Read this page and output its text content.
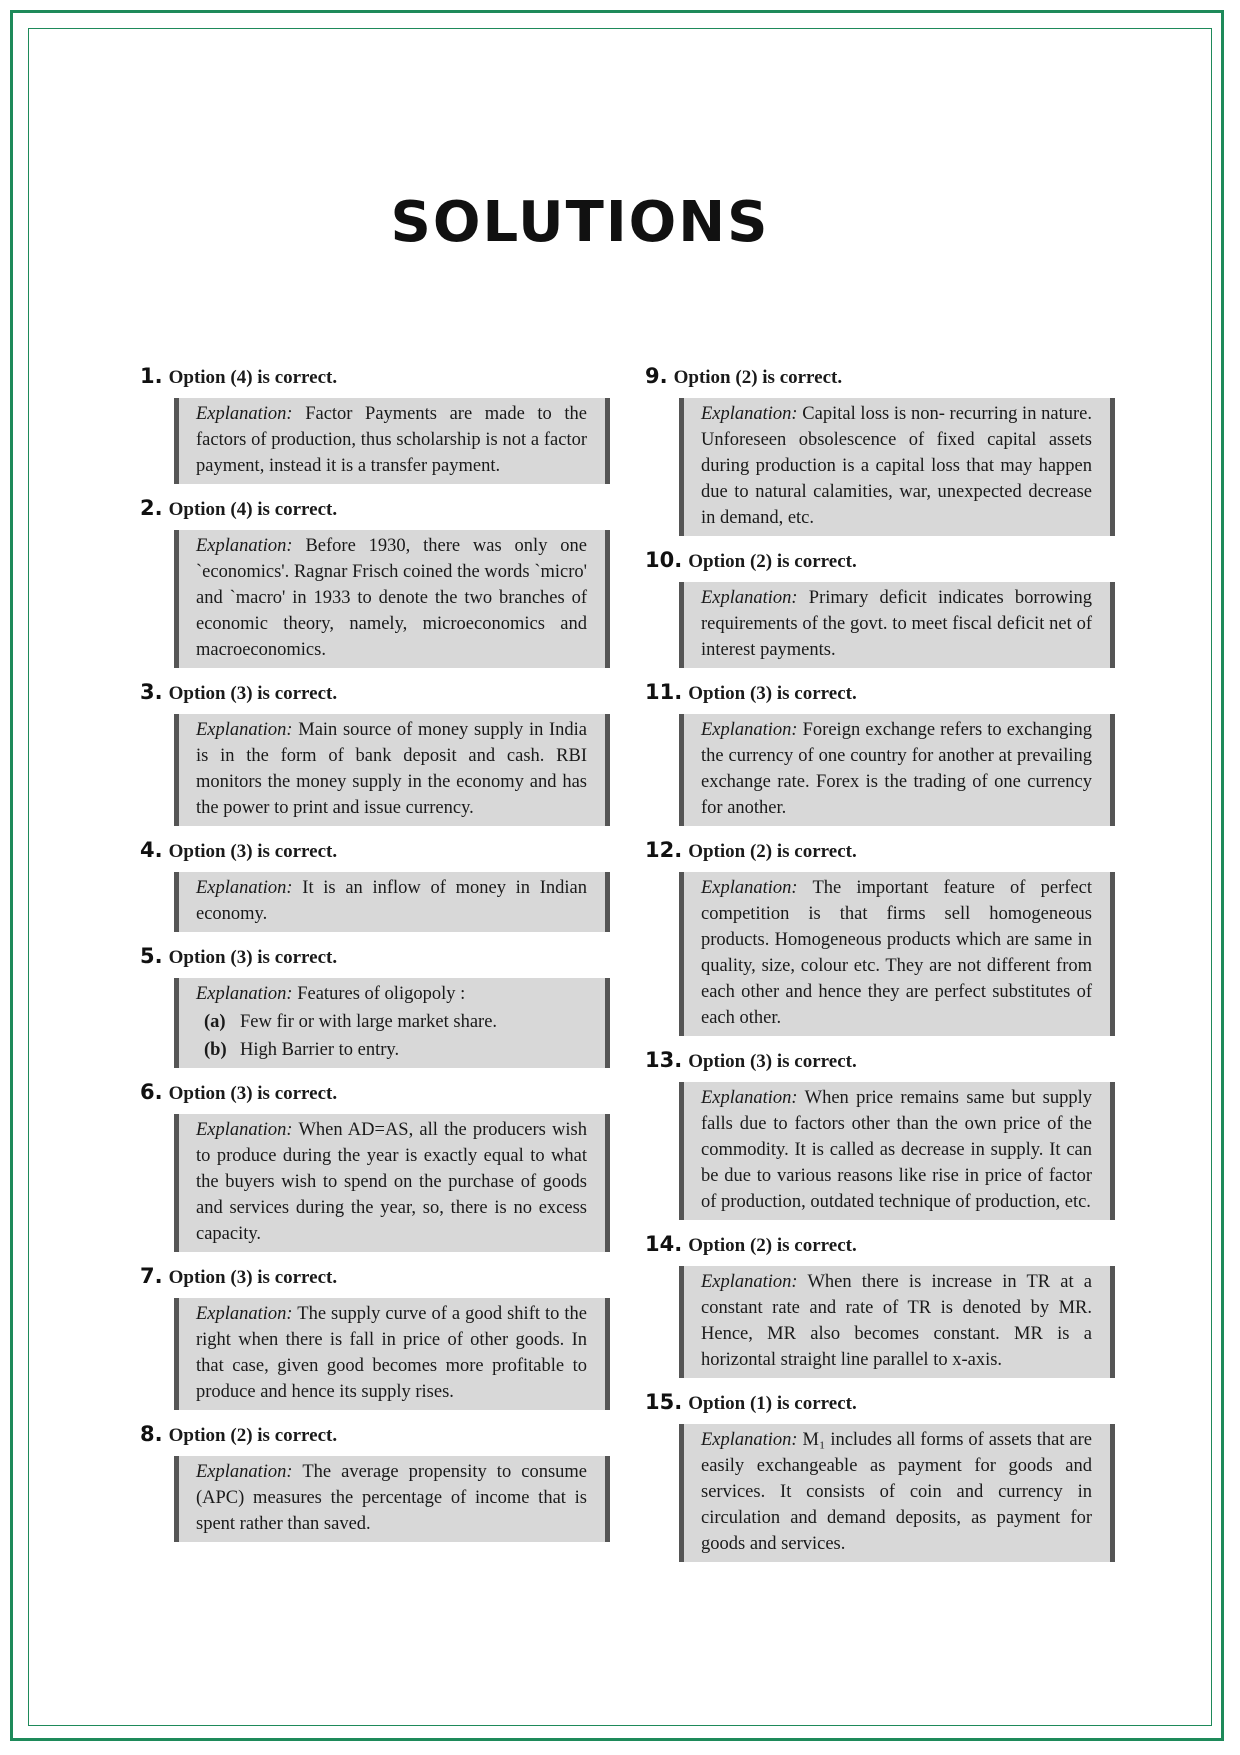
SOLUTIONS
1. Option (4) is correct.
Explanation: Factor Payments are made to the factors of production, thus scholarship is not a factor payment, instead it is a transfer payment.
2. Option (4) is correct.
Explanation: Before 1930, there was only one `economics'. Ragnar Frisch coined the words `micro' and `macro' in 1933 to denote the two branches of economic theory, namely, microeconomics and macroeconomics.
3. Option (3) is correct.
Explanation: Main source of money supply in India is in the form of bank deposit and cash. RBI monitors the money supply in the economy and has the power to print and issue currency.
4. Option (3) is correct.
Explanation: It is an inflow of money in Indian economy.
5. Option (3) is correct.
Explanation: Features of oligopoly :
(a) Few fir or with large market share.
(b) High Barrier to entry.
6. Option (3) is correct.
Explanation: When AD=AS, all the producers wish to produce during the year is exactly equal to what the buyers wish to spend on the purchase of goods and services during the year, so, there is no excess capacity.
7. Option (3) is correct.
Explanation: The supply curve of a good shift to the right when there is fall in price of other goods. In that case, given good becomes more profitable to produce and hence its supply rises.
8. Option (2) is correct.
Explanation: The average propensity to consume (APC) measures the percentage of income that is spent rather than saved.
9. Option (2) is correct.
Explanation: Capital loss is non- recurring in nature. Unforeseen obsolescence of fixed capital assets during production is a capital loss that may happen due to natural calamities, war, unexpected decrease in demand, etc.
10. Option (2) is correct.
Explanation: Primary deficit indicates borrowing requirements of the govt. to meet fiscal deficit net of interest payments.
11. Option (3) is correct.
Explanation: Foreign exchange refers to exchanging the currency of one country for another at prevailing exchange rate. Forex is the trading of one currency for another.
12. Option (2) is correct.
Explanation: The important feature of perfect competition is that firms sell homogeneous products. Homogeneous products which are same in quality, size, colour etc. They are not different from each other and hence they are perfect substitutes of each other.
13. Option (3) is correct.
Explanation: When price remains same but supply falls due to factors other than the own price of the commodity. It is called as decrease in supply. It can be due to various reasons like rise in price of factor of production, outdated technique of production, etc.
14. Option (2) is correct.
Explanation: When there is increase in TR at a constant rate and rate of TR is denoted by MR. Hence, MR also becomes constant. MR is a horizontal straight line parallel to x-axis.
15. Option (1) is correct.
Explanation: M₁ includes all forms of assets that are easily exchangeable as payment for goods and services. It consists of coin and currency in circulation and demand deposits, as payment for goods and services.
